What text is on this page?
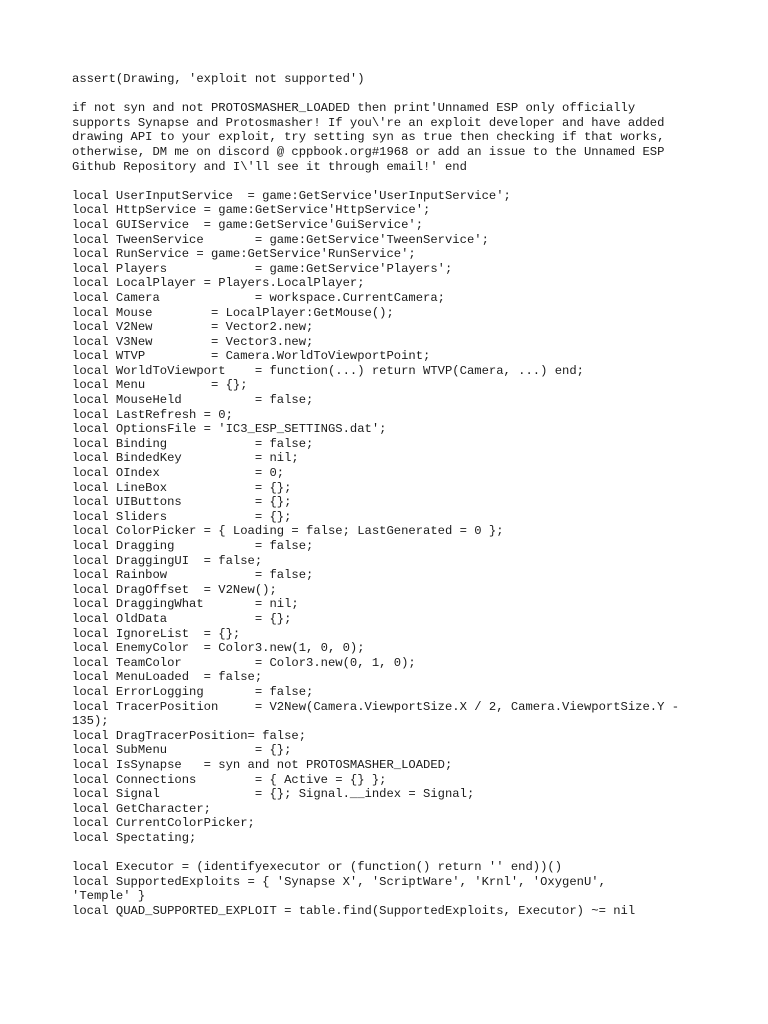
assert(Drawing, 'exploit not supported')
if not syn and not PROTOSMASHER_LOADED then print'Unnamed ESP only officially
supports Synapse and Protosmasher! If you\'re an exploit developer and have added
drawing API to your exploit, try setting syn as true then checking if that works,
otherwise, DM me on discord @ cppbook.org#1968 or add an issue to the Unnamed ESP
Github Repository and I\'ll see it through email!' end
local UserInputService  = game:GetService'UserInputService';
local HttpService = game:GetService'HttpService';
local GUIService  = game:GetService'GuiService';
local TweenService       = game:GetService'TweenService';
local RunService = game:GetService'RunService';
local Players            = game:GetService'Players';
local LocalPlayer = Players.LocalPlayer;
local Camera             = workspace.CurrentCamera;
local Mouse        = LocalPlayer:GetMouse();
local V2New        = Vector2.new;
local V3New        = Vector3.new;
local WTVP         = Camera.WorldToViewportPoint;
local WorldToViewport    = function(...) return WTVP(Camera, ...) end;
local Menu         = {};
local MouseHeld          = false;
local LastRefresh = 0;
local OptionsFile = 'IC3_ESP_SETTINGS.dat';
local Binding            = false;
local BindedKey          = nil;
local OIndex             = 0;
local LineBox            = {};
local UIButtons          = {};
local Sliders            = {};
local ColorPicker = { Loading = false; LastGenerated = 0 };
local Dragging           = false;
local DraggingUI  = false;
local Rainbow            = false;
local DragOffset  = V2New();
local DraggingWhat       = nil;
local OldData            = {};
local IgnoreList  = {};
local EnemyColor  = Color3.new(1, 0, 0);
local TeamColor          = Color3.new(0, 1, 0);
local MenuLoaded  = false;
local ErrorLogging       = false;
local TracerPosition     = V2New(Camera.ViewportSize.X / 2, Camera.ViewportSize.Y -
135);
local DragTracerPosition= false;
local SubMenu            = {};
local IsSynapse   = syn and not PROTOSMASHER_LOADED;
local Connections        = { Active = {} };
local Signal             = {}; Signal.__index = Signal;
local GetCharacter;
local CurrentColorPicker;
local Spectating;
local Executor = (identifyexecutor or (function() return '' end))()
local SupportedExploits = { 'Synapse X', 'ScriptWare', 'Krnl', 'OxygenU',
'Temple' }
local QUAD_SUPPORTED_EXPLOIT = table.find(SupportedExploits, Executor) ~= nil
